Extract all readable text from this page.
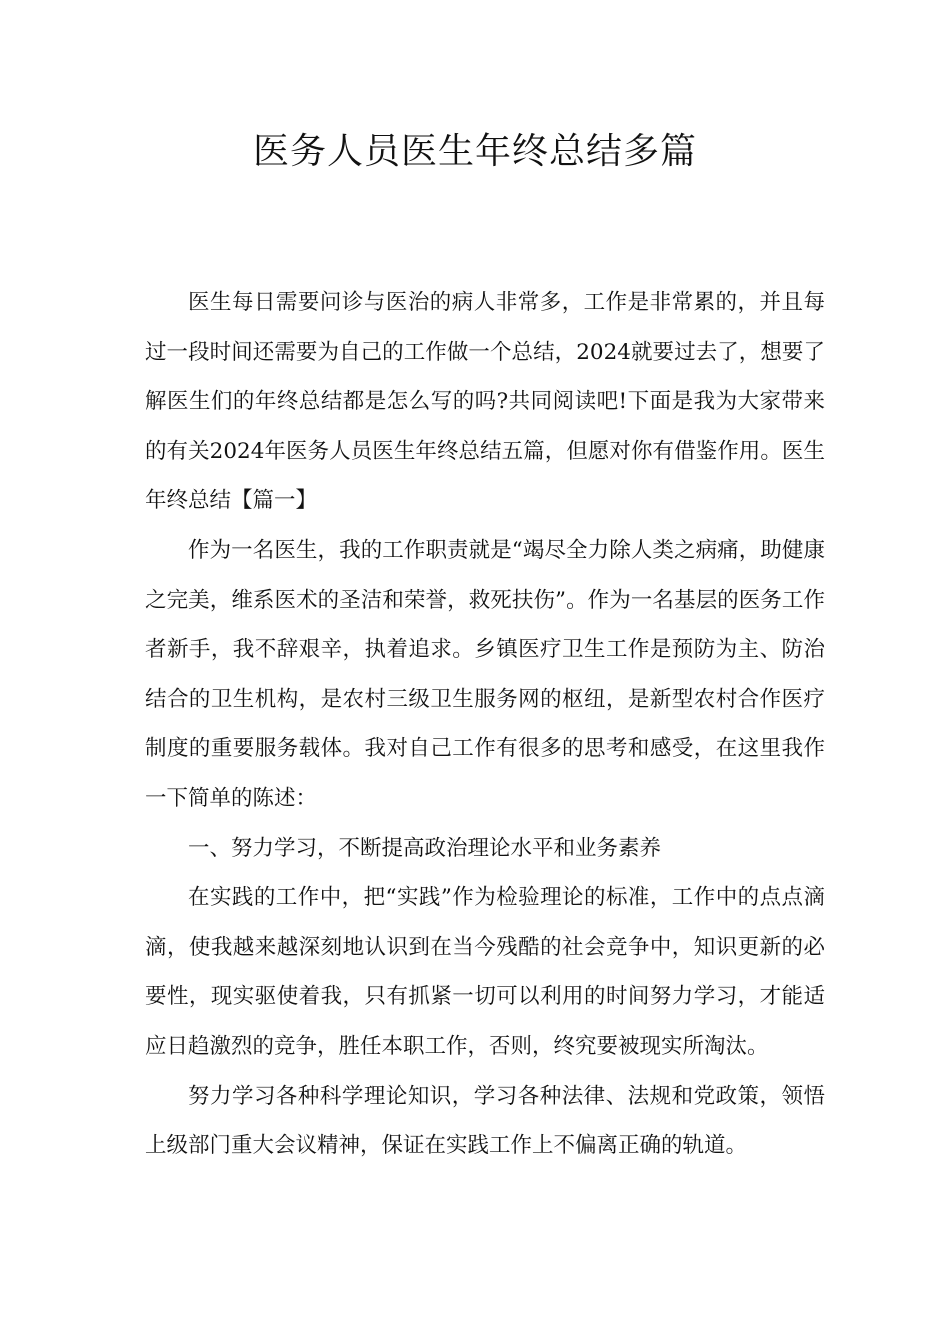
医务人员医生年终总结多篇

医生每日需要问诊与医治的病人非常多，工作是非常累的，并且每过一段时间还需要为自己的工作做一个总结，2024就要过去了，想要了解医生们的年终总结都是怎么写的吗?共同阅读吧!下面是我为大家带来的有关2024年医务人员医生年终总结五篇，但愿对你有借鉴作用。医生年终总结【篇一】

作为一名医生，我的工作职责就是“竭尽全力除人类之病痛，助健康之完美，维系医术的圣洁和荣誉，救死扶伤”。作为一名基层的医务工作者新手，我不辞艰辛，执着追求。乡镇医疗卫生工作是预防为主、防治结合的卫生机构，是农村三级卫生服务网的枢纽，是新型农村合作医疗制度的重要服务载体。我对自己工作有很多的思考和感受，在这里我作一下简单的陈述：

一、努力学习，不断提高政治理论水平和业务素养

在实践的工作中，把“实践”作为检验理论的标准，工作中的点点滴滴，使我越来越深刻地认识到在当今残酷的社会竞争中，知识更新的必要性，现实驱使着我，只有抓紧一切可以利用的时间努力学习，才能适应日趋激烈的竞争，胜任本职工作，否则，终究要被现实所淘汰。

努力学习各种科学理论知识，学习各种法律、法规和党政策，领悟上级部门重大会议精神，保证在实践工作上不偏离正确的轨道。
